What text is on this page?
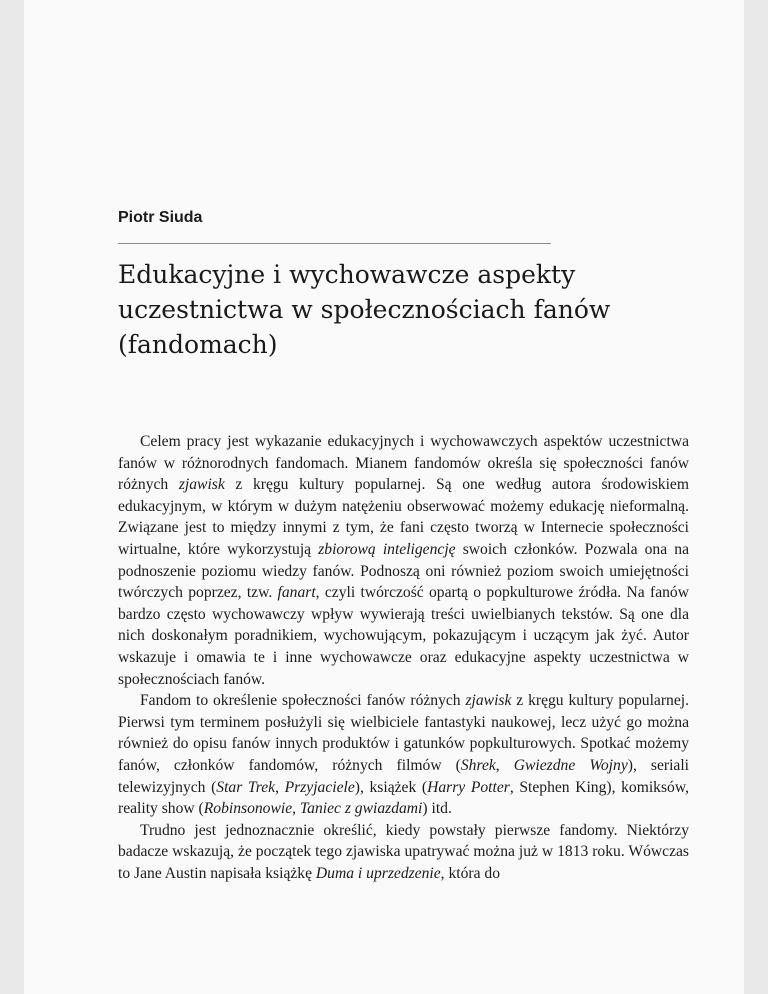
Piotr Siuda

Edukacyjne i wychowawcze aspekty
uczestnictwa w społecznościach fanów
(fandomach)

Celem pracy jest wykazanie edukacyjnych i wychowawczych aspektów uczestnictwa fanów w różnorodnych fandomach. Mianem fandomów określa się społeczności fanów różnych zjawisk z kręgu kultury popularnej. Są one według autora środowiskiem edukacyjnym, w którym w dużym natężeniu obserwować możemy edukację nieformalną. Związane jest to między innymi z tym, że fani często tworzą w Internecie społeczności wirtualne, które wykorzystują zbiorową inteligencję swoich członków. Pozwala ona na podnoszenie poziomu wiedzy fanów. Podnoszą oni również poziom swoich umiejętności twórczych poprzez, tzw. fanart, czyli twórczość opartą o popkulturowe źródła. Na fanów bardzo często wychowawczy wpływ wywierają treści uwielbianych tekstów. Są one dla nich doskonałym poradnikiem, wychowującym, pokazującym i uczącym jak żyć. Autor wskazuje i omawia te i inne wychowawcze oraz edukacyjne aspekty uczestnictwa w społecznościach fanów.

Fandom to określenie społeczności fanów różnych zjawisk z kręgu kultury popularnej. Pierwsi tym terminem posłużyli się wielbiciele fantastyki naukowej, lecz użyć go można również do opisu fanów innych produktów i gatunków popkulturowych. Spotkać możemy fanów, członków fandomów, różnych filmów (Shrek, Gwiezdne Wojny), seriali telewizyjnych (Star Trek, Przyjaciele), książek (Harry Potter, Stephen King), komiksów, reality show (Robinsonowie, Taniec z gwiazdami) itd.

Trudno jest jednoznacznie określić, kiedy powstały pierwsze fandomy. Niektórzy badacze wskazują, że początek tego zjawiska upatrywać można już w 1813 roku. Wówczas to Jane Austin napisała książkę Duma i uprzedzenie, która do
